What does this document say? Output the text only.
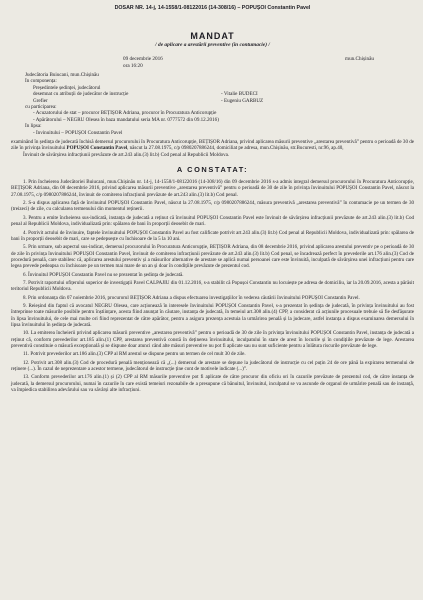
DOSAR NR. 14-j, 14-1558/1-08122016 (14-308/16) – POPUȘOI Constantin Pavel
MANDAT
/ de aplicare a arestării preventive (în contumacie) /
09 decembrie 2016	mun.Chișinău
ora 16:20
Judecătoria Buiucani, mun.Chișinău
În componența:
Președintele ședinței, judecătorul
desemnat cu atribuții de judecător de instrucție	- Vitalie BUDECI
Grefier	- Eugeniu GARBUZ
cu participarea:
- Acuzatorului de stat – procuror BEȚIȘOR Adriana, procuror în Procuratura Anticorupție
- Apărătorului – NEGRU Olesea în baza mandatului seria MA nr. 0777572 din 09.12.2016)
În lipsa:
- Învinuitului – POPUȘOI Constantin Pavel
examinând în ședința de judecată închisă demersul procurorului în Procuratura Anticorupție, BEȚIȘOR Adriana, privind aplicarea măsurii preventive „arestarea preventivă” pentru o perioadă de 30 de zile în privința învinuitului POPUȘOI Constantin Pavel, născut la 27.08.1975, c/p 0980207886244, domiciliat pe adresa, mun.Chișinău, str.Bucuresti, nr.96, ap.40,
Învinuit de săvârșirea infracțiunii prevăzute de art.243 alin.(3) lit.b) Cod penal al Republicii Moldova.
A CONSTATAT:
1. Prin încheierea Judecătoriei Buiucani, mun.Chișinău nr. 14-j, 14-1558/1-08122016 (14-308/16) din 09 decembrie 2016 s-a admis integral demersul procurorului în Procuratura Anticorupție, BEȚIȘOR Adriana, din 08 decembrie 2016, privind aplicarea măsurii preventive „arestarea preventivă” pentru o perioadă de 30 de zile în privința învinuitului POPUȘOI Constantin Pavel, născut la 27.08.1975, c/p 0980207886244, învinuit de comiterea infracțiunii prevăzute de art.243 alin.(3) lit.b) Cod penal.
2. S-a dispus aplicarea față de învinuitul POPUȘOI Constantin Pavel, născut la 27.08.1975, c/p 0980207886244, măsura preventivă „arestarea preventivă” în contumacie pe un termen de 30 (treizeci) de zile, cu calcularea termenului din momentul reținerii.
3. Pentru a emite încheierea sus-indicată, instanța de judecată a reținut că învinuitul POPUȘOI Constantin Pavel este învinuit de săvârșirea infracțiunii prevăzute de art.243 alin.(3) lit.b) Cod penal al Republicii Moldova, individualizată prin: spălarea de bani în proporții deosebit de mari.
4. Potrivit actului de învinuire, faptele învinuitului POPUȘOI Constantin Pavel au fost calificate potrivit art.243 alin.(3) lit.b) Cod penal al Republicii Moldova, individualizată prin: spălarea de bani în proporții deosebit de mari, care se pedepsește cu închisoare de la 5 la 10 ani.
5. Prin urmare, sub aspectul sus-indicat, demersul procurorului în Procuratura Anticorupție, BEȚIȘOR Adriana, din 08 decembrie 2016, privind aplicarea arestului preventiv pe o perioadă de 30 de zile în privința învinuitului POPUȘOI Constantin Pavel, învinuit de comiterea infracțiunii prevăzute de art.243 alin.(3) lit.b) Cod penal, se încadrează perfect în prevederile art.176 alin.(3) Cod de procedură penală, care stabilesc că, aplicarea arestului preventiv și a măsurilor alternative de arestare se aplică numai persoanei care este învinuită, inculpată de săvârșirea unei infracțiuni pentru care legea prevede pedeapsa cu închisoare pe un termen mai mare de un an și doar în condițiile prevăzute de prezentul cod.
6. Învinuitul POPUȘOI Constantin Pavel nu se prezentat în ședința de judecată.
7. Potrivit raportului ofițerului superior de investigații Pavel CALPAJIU din 01.12.2016, s-a stabilit că Popușoi Constantin nu locuiește pe adresa de domiciliu, iar la 20.09.2016, acesta a părăsit teritoriul Republicii Moldova.
8. Prin ordonanța din 07 noiembrie 2016, procurorul BEȚIȘOR Adriana a dispus efectuarea investigațiilor în vederea căutării învinuitului POPUȘOI Constantin Pavel.
9. Reieșind din faptul că avocatul NEGRU Olesea, care acționează în interesele învinuitului POPUȘOI Constantin Pavel, s-a prezentat în ședința de judecată, în privința învinuitului au fost întreprinse toate măsurile posibile pentru înștiințare, acesta fiind anunțat în căutare, instanța de judecată, în temeiul art.308 alin.(4) CPP, a considerat că acțiunile procesuale trebuie să fie desfășurate în lipsa învinuitului, de cele mai multe ori fiind reprezentat de către apărător, pentru a asigura prezența acestuia la urmărirea penală și la judecare, astfel instanța a dispus examinarea demersului în lipsa învinuitului în ședința de judecată.
10. La emiterea încheierii privind aplicarea măsurii preventive „arestarea preventivă” pentru o perioadă de 30 de zile în privința învinuitului POPUȘOI Constantin Pavel, instanța de judecată a reținut că, conform prevederilor art.185 alin.(1) CPP, arestarea preventivă constă în deținerea învinuitului, inculpatului în stare de arest în locurile și în condițiile prevăzute de lege. Arestarea preventivă constituie o măsură excepțională și se dispune doar atunci când alte măsuri preventive nu pot fi aplicate sau nu sunt suficiente pentru a înlătura riscurile prevăzute de lege.
11. Potrivit prevederilor art.186 alin.(3) CPP al RM arestul se dispune pentru un termen de cel mult 30 de zile.
12. Potrivit art.308 alin.(3) Cod de procedură penală menționează că „(...) demersul de arestare se depune la judecătorul de instrucție cu cel puțin 24 de ore până la expirarea termenului de reținere (...). În cazul de neprezentare a acestor termene, judecătorul de instrucție ține cont de motivele indicate (...)”.
13. Conform prevederilor art.176 alin.(1) și (2) CPP al RM măsurile preventive pot fi aplicate de către procuror din oficiu ori în cazurile prevăzute de prezentul cod, de către instanța de judecată, la demersul procurorului, numai în cazurile în care există temeiuri rezonabile de a presupune că bănuitul, învinuitul, inculpatul se va ascunde de organul de urmărire penală sau de instanță, va împiedica stabilirea adevărului sau va săvârși alte infracțiuni.
